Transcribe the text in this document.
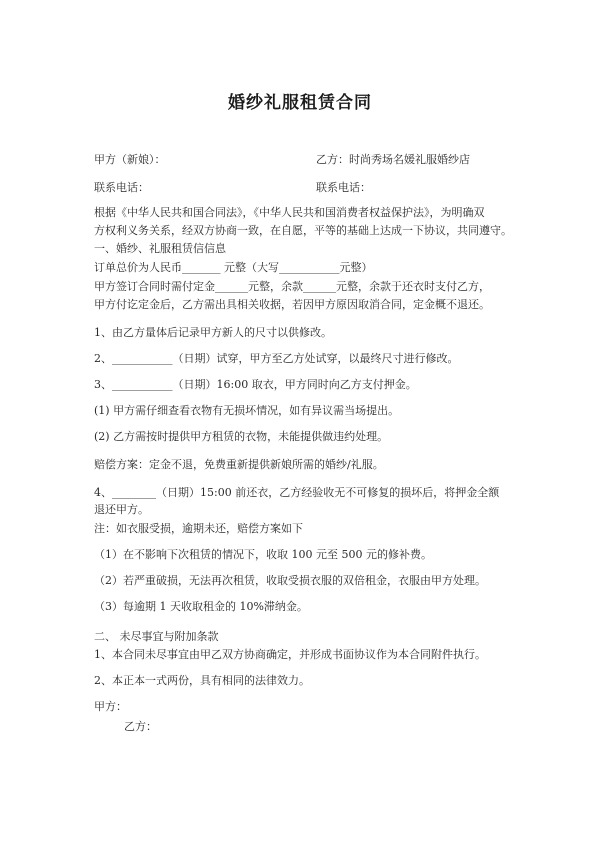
婚纱礼服租赁合同
甲方（新娘）：	乙方：时尚秀场名媛礼服婚纱店
联系电话：	联系电话：
根据《中华人民共和国合同法》，《中华人民共和国消费者权益保护法》，为明确双
方权利义务关系，经双方协商一致，在自愿，平等的基础上达成一下协议，共同遵守。
一、婚纱、礼服租赁信信息
订单总价为人民币_______ 元整（大写___________元整）
甲方签订合同时需付定金______元整，余款______元整，余款于还衣时支付乙方，
甲方付讫定金后，乙方需出具相关收据，若因甲方原因取消合同，定金概不退还。
1、由乙方量体后记录甲方新人的尺寸以供修改。
2、___________（日期）试穿，甲方至乙方处试穿，以最终尺寸进行修改。
3、___________（日期）16:00 取衣，甲方同时向乙方支付押金。
(1) 甲方需仔细查看衣物有无损坏情况，如有异议需当场提出。
(2) 乙方需按时提供甲方租赁的衣物，未能提供做违约处理。
赔偿方案：定金不退，免费重新提供新娘所需的婚纱/礼服。
4、________（日期）15:00 前还衣，乙方经验收无不可修复的损坏后，将押金全额
退还甲方。
注：如衣服受损，逾期未还，赔偿方案如下
（1）在不影响下次租赁的情况下，收取 100 元至 500 元的修补费。
（2）若严重破损，无法再次租赁，收取受损衣服的双倍租金，衣服由甲方处理。
（3）每逾期 1 天收取租金的 10%滞纳金。
二、 未尽事宜与附加条款
1、本合同未尽事宜由甲乙双方协商确定，并形成书面协议作为本合同附件执行。
2、本正本一式两份，具有相同的法律效力。
甲方：
乙方：
